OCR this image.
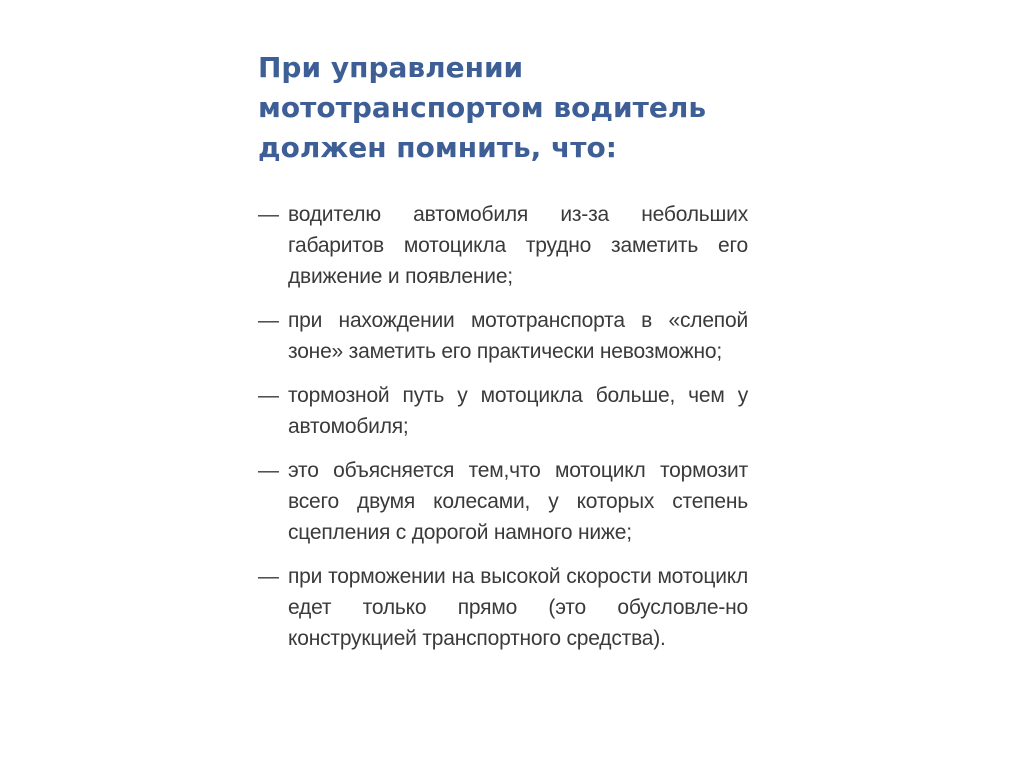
При управлении
мототранспортом водитель
должен помнить, что:
— водителю автомобиля из-за небольших габаритов мотоцикла трудно заметить его движение и появление;
— при нахождении мототранспорта в «слепой зоне» заметить его практически невозможно;
— тормозной путь у мотоцикла больше, чем у автомобиля;
— это объясняется тем,что мотоцикл тормозит всего двумя колесами, у которых степень сцепления с дорогой намного ниже;
— при торможении на высокой скорости мотоцикл едет только прямо (это обусловле-но конструкцией транспортного средства).
